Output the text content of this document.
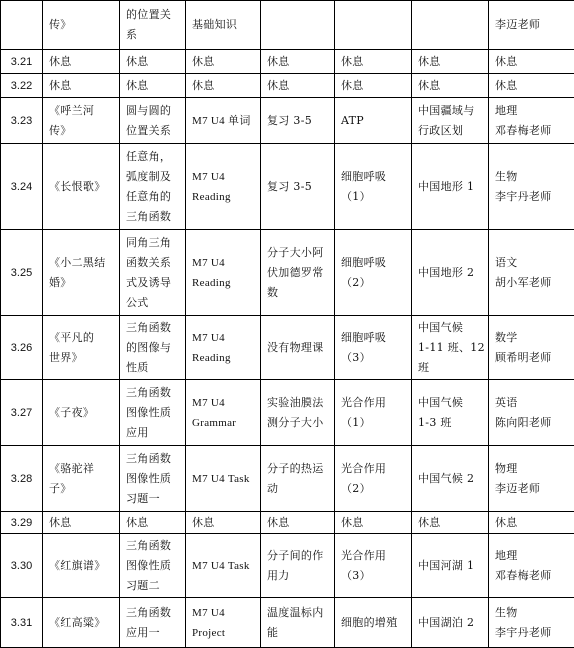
	传》	的位置关
系	基础知识				李迈老师

3.21	休息	休息	休息	休息	休息	休息	休息

3.22	休息	休息	休息	休息	休息	休息	休息

3.23	《呼兰河
传》	圆与圆的
位置关系	M7 U4 单词	复习 3-5	ATP	中国疆域与
行政区划	地理
邓春梅老师

3.24	《长恨歌》	任意角，
弧度制及
任意角的
三角函数	M7 U4
Reading	复习 3-5	细胞呼吸
（1）	中国地形 1	生物
李宇丹老师

3.25	《小二黑结
婚》	同角三角
函数关系
式及诱导
公式	M7 U4
Reading	分子大小阿
伏加德罗常
数	细胞呼吸
（2）	中国地形 2	语文
胡小军老师

3.26	《平凡的
世界》	三角函数
的图像与
性质	M7 U4
Reading	没有物理课	细胞呼吸
（3）	中国气候
1-11 班、12
班	数学
顾希明老师

3.27	《子夜》	三角函数
图像性质
应用	M7 U4
Grammar	实验油膜法
测分子大小	光合作用
（1）	中国气候
1-3 班	英语
陈向阳老师

3.28	《骆驼祥
子》	三角函数
图像性质
习题一	M7 U4 Task	分子的热运
动	光合作用
（2）	中国气候 2	物理
李迈老师

3.29	休息	休息	休息	休息	休息	休息	休息

3.30	《红旗谱》	三角函数
图像性质
习题二	M7 U4 Task	分子间的作
用力	光合作用
（3）	中国河湖 1	地理
邓春梅老师

3.31	《红高粱》	三角函数
应用一	M7 U4
Project	温度温标内
能	细胞的增殖	中国湖泊 2	生物
李宇丹老师
